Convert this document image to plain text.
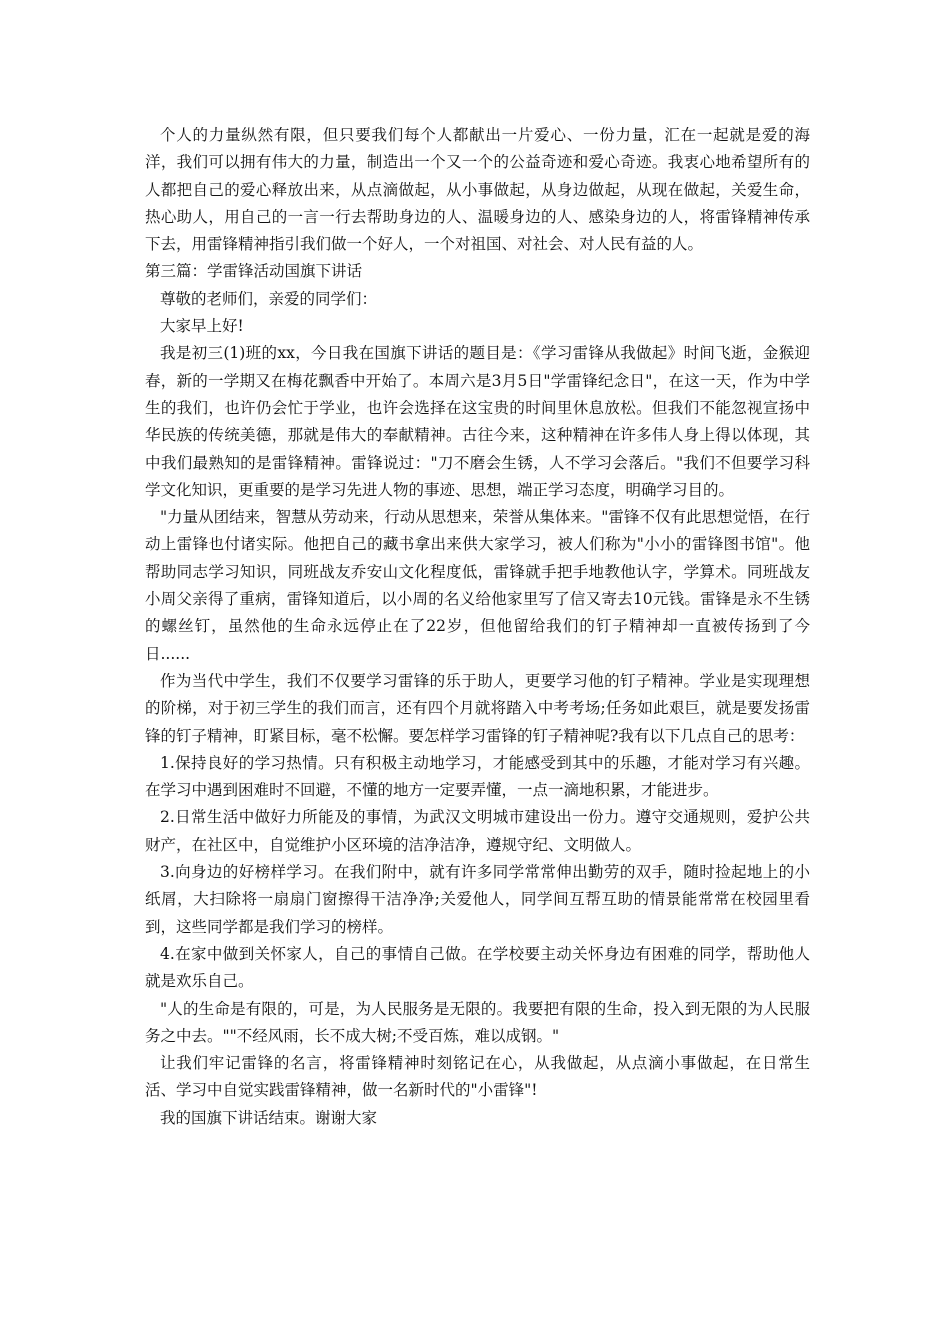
个人的力量纵然有限，但只要我们每个人都献出一片爱心、一份力量，汇在一起就是爱的海洋，我们可以拥有伟大的力量，制造出一个又一个的公益奇迹和爱心奇迹。我衷心地希望所有的人都把自己的爱心释放出来，从点滴做起，从小事做起，从身边做起，从现在做起，关爱生命，热心助人，用自己的一言一行去帮助身边的人、温暖身边的人、感染身边的人，将雷锋精神传承下去，用雷锋精神指引我们做一个好人，一个对祖国、对社会、对人民有益的人。

第三篇：学雷锋活动国旗下讲话

尊敬的老师们，亲爱的同学们：

大家早上好!

我是初三(1)班的xx，今日我在国旗下讲话的题目是：《学习雷锋从我做起》时间飞逝，金猴迎春，新的一学期又在梅花飘香中开始了。本周六是3月5日"学雷锋纪念日"，在这一天，作为中学生的我们，也许仍会忙于学业，也许会选择在这宝贵的时间里休息放松。但我们不能忽视宣扬中华民族的传统美德，那就是伟大的奉献精神。古往今来，这种精神在许多伟人身上得以体现，其中我们最熟知的是雷锋精神。雷锋说过："刀不磨会生锈，人不学习会落后。"我们不但要学习科学文化知识，更重要的是学习先进人物的事迹、思想，端正学习态度，明确学习目的。

"力量从团结来，智慧从劳动来，行动从思想来，荣誉从集体来。"雷锋不仅有此思想觉悟，在行动上雷锋也付诸实际。他把自己的藏书拿出来供大家学习，被人们称为"小小的雷锋图书馆"。他帮助同志学习知识，同班战友乔安山文化程度低，雷锋就手把手地教他认字，学算术。同班战友小周父亲得了重病，雷锋知道后，以小周的名义给他家里写了信又寄去10元钱。雷锋是永不生锈的螺丝钉，虽然他的生命永远停止在了22岁，但他留给我们的钉子精神却一直被传扬到了今日......

作为当代中学生，我们不仅要学习雷锋的乐于助人，更要学习他的钉子精神。学业是实现理想的阶梯，对于初三学生的我们而言，还有四个月就将踏入中考考场;任务如此艰巨，就是要发扬雷锋的钉子精神，盯紧目标，毫不松懈。要怎样学习雷锋的钉子精神呢?我有以下几点自己的思考：

1.保持良好的学习热情。只有积极主动地学习，才能感受到其中的乐趣，才能对学习有兴趣。在学习中遇到困难时不回避，不懂的地方一定要弄懂，一点一滴地积累，才能进步。

2.日常生活中做好力所能及的事情，为武汉文明城市建设出一份力。遵守交通规则，爱护公共财产，在社区中，自觉维护小区环境的洁净洁净，遵规守纪、文明做人。

3.向身边的好榜样学习。在我们附中，就有许多同学常常伸出勤劳的双手，随时捡起地上的小纸屑，大扫除将一扇扇门窗擦得干洁净净;关爱他人，同学间互帮互助的情景能常常在校园里看到，这些同学都是我们学习的榜样。

4.在家中做到关怀家人，自己的事情自己做。在学校要主动关怀身边有困难的同学，帮助他人就是欢乐自己。

"人的生命是有限的，可是，为人民服务是无限的。我要把有限的生命，投入到无限的为人民服务之中去。""不经风雨，长不成大树;不受百炼，难以成钢。"

让我们牢记雷锋的名言，将雷锋精神时刻铭记在心，从我做起，从点滴小事做起，在日常生活、学习中自觉实践雷锋精神，做一名新时代的"小雷锋"!

我的国旗下讲话结束。谢谢大家
